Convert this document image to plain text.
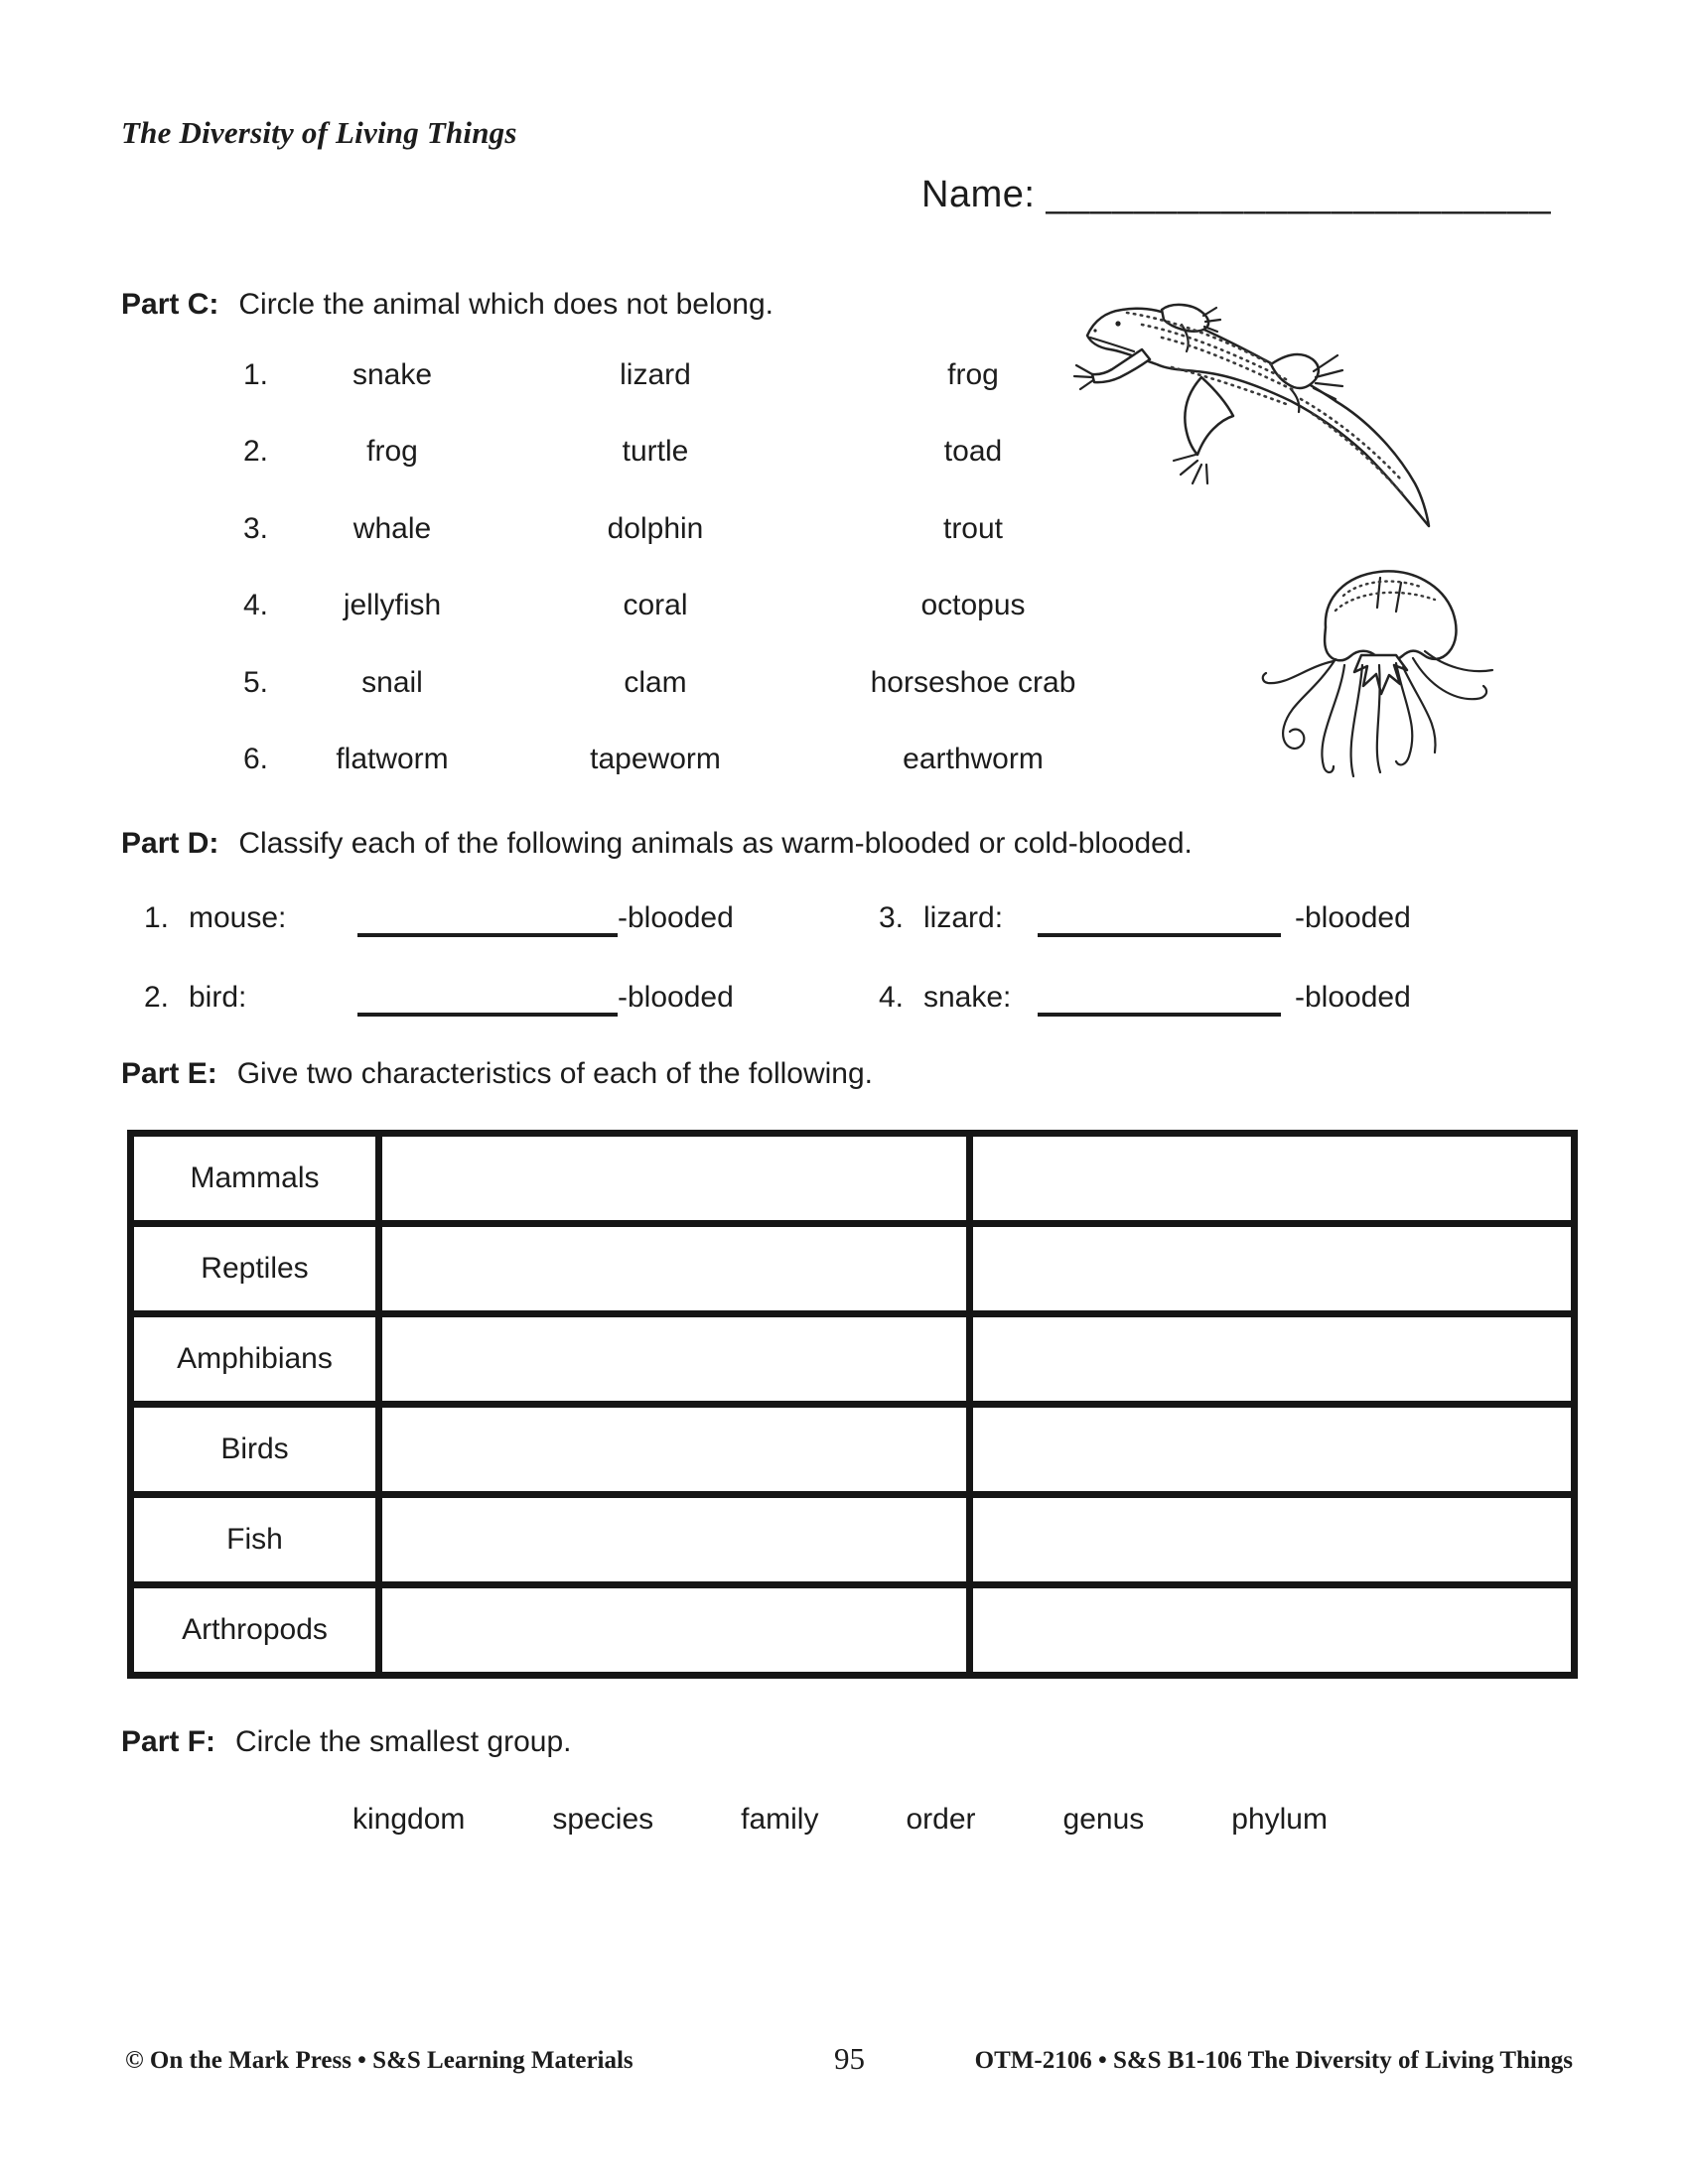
The Diversity of Living Things
Name: _______________________
Part C: Circle the animal which does not belong.
1.	snake	lizard	frog
2.	frog	turtle	toad
3.	whale	dolphin	trout
4.	jellyfish	coral	octopus
5.	snail	clam	horseshoe crab
6.	flatworm	tapeworm	earthworm
Part D: Classify each of the following animals as warm-blooded or cold-blooded.
1. mouse:	-blooded	3. lizard:	-blooded
2. bird:	-blooded	4. snake:	-blooded
Part E: Give two characteristics of each of the following.
Mammals
Reptiles
Amphibians
Birds
Fish
Arthropods
Part F: Circle the smallest group.
kingdom	species	family	order	genus	phylum
© On the Mark Press • S&S Learning Materials	95	OTM-2106 • S&S B1-106 The Diversity of Living Things
